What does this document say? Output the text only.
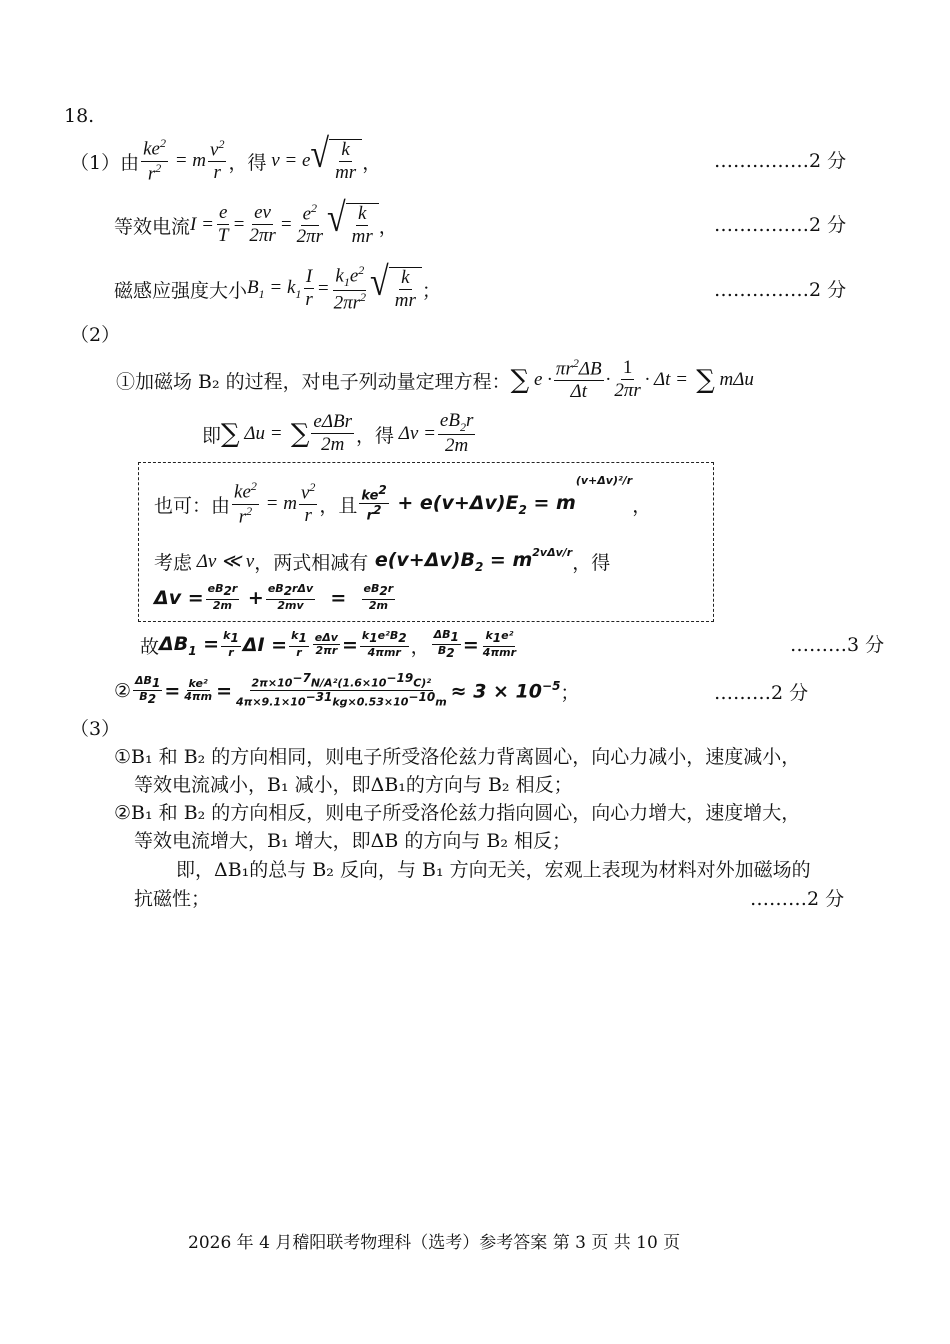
18.
（1）由 $\frac{ke^2}{r^2} = m \frac{v^2}{r}$ ，得 v = e √ $\frac{k}{mr}$ ，	……………2 分
等效电流 $I = \frac{e}{T} = \frac{ev}{2\pi r} = \frac{e^2}{2\pi r}$ √ $\frac{k}{mr}$ ，	……………2 分
磁感应强度大小 $B_1 = k_1 \frac{I}{r} = \frac{k_1e^2}{2\pi r^2}$ √ $\frac{k}{mr}$ ；	……………2 分
（2）
①加磁场 B₂ 的过程，对电子列动量定理方程： ∑ $e \cdot \frac{\pi r^2\Delta B}{\Delta t} \cdot \frac{1}{2\pi r} \cdot \Delta t$ = ∑ mΔu
即 ∑ Δu = ∑ $\frac{\text{eΔBr}}{2m}$ ，得 $\Delta v = \frac{eB_2r}{2m}$
也可：由 $\frac{ke^2}{r^2} = m \frac{v^2}{r}$ ，且 $\frac{ke^2}{r^2} + e(v+\Delta v)E_2 = m$
(v+Δv)²/r
，
考虑 Δv ≪ v ，两式相减有 $e(v+\Delta v)B_2 = m$ 2vΔv/r ，得
$\Delta v = \frac{eB_2r}{2m} + \frac{eB_2r\Delta v}{2mv} = \frac{eB_2r}{2m}$
故 $\Delta B_1 = \frac{k_1}{r}$ $\Delta I = \frac{k_1}{r} \frac{\text{eΔv}}{2\pi r} = \frac{k_1e^2B_2}{\text{4πmr}}$ ， $\frac{\Delta B_1}{B_2} = \frac{k_1e^2}{\text{4πmr}}$	………3 分
② $\frac{\Delta B_1}{B_2} = \frac{\text{ke²}}{4\pi m} = \frac{2\pi\times 10^{-7}N/A^2(1.6\times 10^{-19}C)^2}{4\pi\times 9.1\times 10^{-31}kg\times 0.53\times 10^{-10}m} \approx 3 \times 10^{-5}$ ；	………2 分
（3）
①B₁ 和 B₂ 的方向相同，则电子所受洛伦兹力背离圆心，向心力减小，速度减小，
等效电流减小，B₁ 减小，即ΔB₁的方向与 B₂ 相反；
②B₁ 和 B₂ 的方向相反，则电子所受洛伦兹力指向圆心，向心力增大，速度增大，
等效电流增大，B₁ 增大，即ΔB 的方向与 B₂ 相反；
即，ΔB₁的总与 B₂ 反向，与 B₁ 方向无关，宏观上表现为材料对外加磁场的
抗磁性；	………2 分
2026 年 4 月稽阳联考物理科（选考）参考答案 第 3 页 共 10 页
